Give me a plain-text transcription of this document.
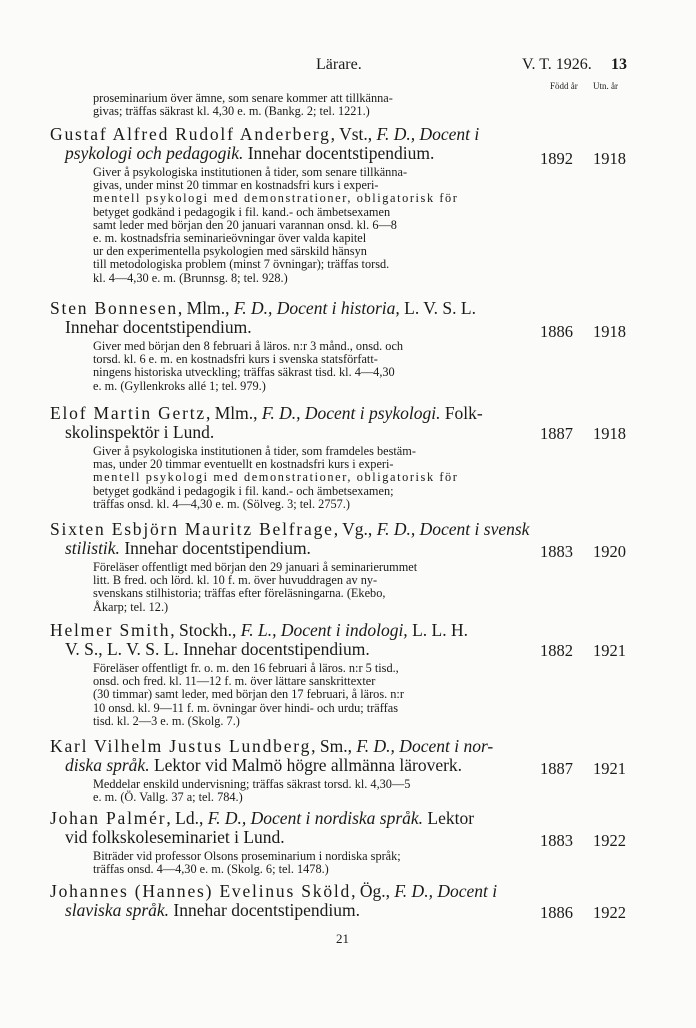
Lärare.	V. T. 1926. 13
Född år Utn. år
proseminarium över ämne, som senare kommer att tillkänna-
givas; träffas säkrast kl. 4,30 e. m. (Bankg. 2; tel. 1221.)
Gustaf Alfred Rudolf Anderberg, Vst., F. D., Docent i
psykologi och pedagogik. Innehar docentstipendium.
Giver å psykologiska institutionen å tider, som senare tillkänna-
givas, under minst 20 timmar en kostnadsfri kurs i experi-
mentell psykologi med demonstrationer, obligatorisk för
betyget godkänd i pedagogik i fil. kand.- och ämbetsexamen
samt leder med början den 20 januari varannan onsd. kl. 6—8
e. m. kostnadsfria seminarieövningar över valda kapitel
ur den experimentella psykologien med särskild hänsyn
till metodologiska problem (minst 7 övningar); träffas torsd.
kl. 4—4,30 e. m. (Brunnsg. 8; tel. 928.)
1892 1918
Sten Bonnesen, Mlm., F. D., Docent i historia, L. V. S. L.
Innehar docentstipendium.
Giver med början den 8 februari å läros. n:r 3 månd., onsd. och
torsd. kl. 6 e. m. en kostnadsfri kurs i svenska statsförfatt-
ningens historiska utveckling; träffas säkrast tisd. kl. 4—4,30
e. m. (Gyllenkroks allé 1; tel. 979.)
1886 1918
Elof Martin Gertz, Mlm., F. D., Docent i psykologi. Folk-
skolinspektör i Lund.
Giver å psykologiska institutionen å tider, som framdeles bestäm-
mas, under 20 timmar eventuellt en kostnadsfri kurs i experi-
mentell psykologi med demonstrationer, obligatorisk för
betyget godkänd i pedagogik i fil. kand.- och ämbetsexamen;
träffas onsd. kl. 4—4,30 e. m. (Sölveg. 3; tel. 2757.)
1887 1918
Sixten Esbjörn Mauritz Belfrage, Vg., F. D., Docent i svensk
stilistik. Innehar docentstipendium.
Föreläser offentligt med början den 29 januari å seminarierummet
litt. B fred. och lörd. kl. 10 f. m. över huvuddragen av ny-
svenskans stilhistoria; träffas efter föreläsningarna. (Ekebo,
Åkarp; tel. 12.)
1883 1920
Helmer Smith, Stockh., F. L., Docent i indologi, L. L. H.
V. S., L. V. S. L. Innehar docentstipendium.
Föreläser offentligt fr. o. m. den 16 februari å läros. n:r 5 tisd.,
onsd. och fred. kl. 11—12 f. m. över lättare sanskrittexter
(30 timmar) samt leder, med början den 17 februari, å läros. n:r
10 onsd. kl. 9—11 f. m. övningar över hindi- och urdu; träffas
tisd. kl. 2—3 e. m. (Skolg. 7.)
1882 1921
Karl Vilhelm Justus Lundberg, Sm., F. D., Docent i nor-
diska språk. Lektor vid Malmö högre allmänna läroverk.
Meddelar enskild undervisning; träffas säkrast torsd. kl. 4,30—5
e. m. (Ö. Vallg. 37 a; tel. 784.)
1887 1921
Johan Palmér, Ld., F. D., Docent i nordiska språk. Lektor
vid folkskoleseminariet i Lund.
Biträder vid professor Olsons proseminarium i nordiska språk;
träffas onsd. 4—4,30 e. m. (Skolg. 6; tel. 1478.)
1883 1922
Johannes (Hannes) Evelinus Sköld, Ög., F. D., Docent i
slaviska språk. Innehar docentstipendium.	1886 1922
21
